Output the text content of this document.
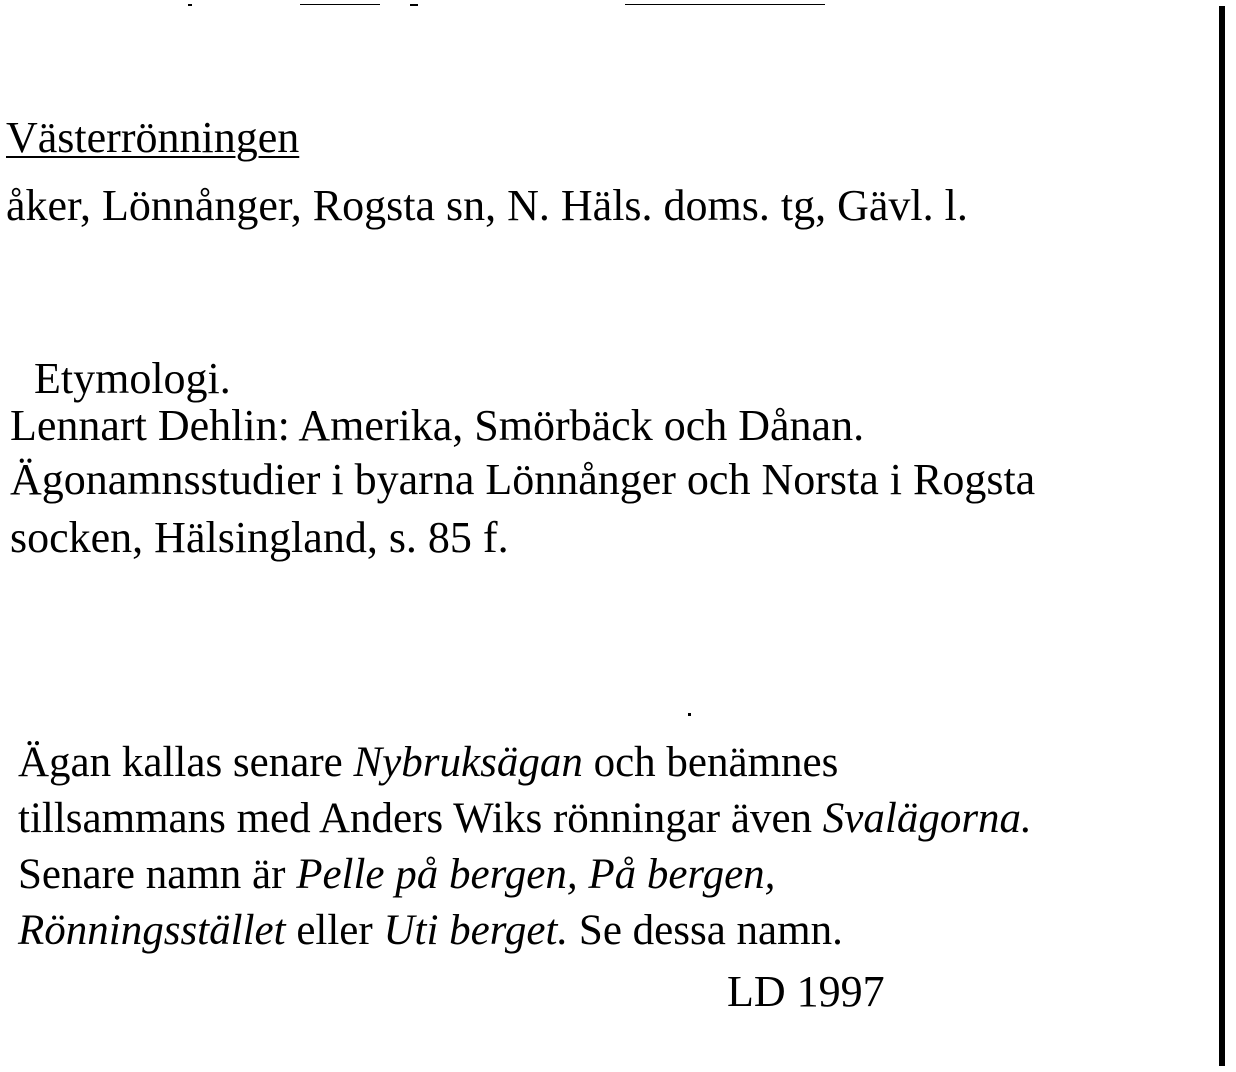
Västerrönningen
åker, Lönnånger, Rogsta sn, N. Häls. doms. tg, Gävl. l.
Etymologi.
Lennart Dehlin: Amerika, Smörbäck och Dånan.
Ägonamnsstudier i byarna Lönnånger och Norsta i Rogsta
socken, Hälsingland, s. 85 f.
Ägan kallas senare Nybruksägan och benämnes
tillsammans med Anders Wiks rönningar även Svalägorna.
Senare namn är Pelle på bergen, På bergen,
Rönningsstället eller Uti berget. Se dessa namn.
LD 1997
